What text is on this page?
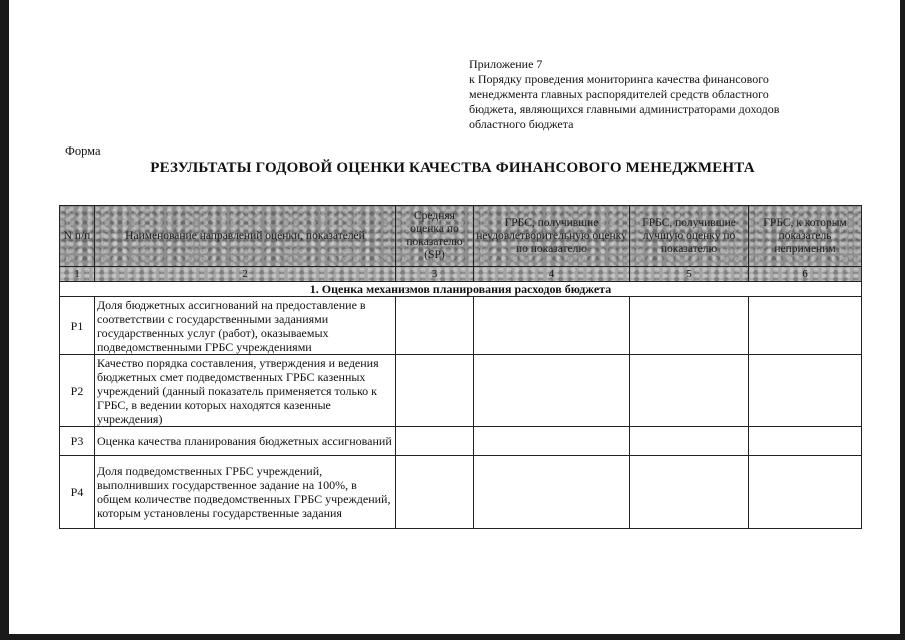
Приложение 7
к Порядку проведения мониторинга качества финансового
менеджмента главных распорядителей средств областного
бюджета, являющихся главными администраторами доходов
областного бюджета
Форма
РЕЗУЛЬТАТЫ ГОДОВОЙ ОЦЕНКИ КАЧЕСТВА ФИНАНСОВОГО МЕНЕДЖМЕНТА
N п/п	Наименование направлений оценки, показателей	Средняя оценка по показателю (SP)	ГРБС, получившие неудовлетворительную оценку по показателю	ГРБС, получившие лучшую оценку по показателю	ГРБС, к которым показатель неприменим
1	2	3	4	5	6
1. Оценка механизмов планирования расходов бюджета					
P1	Доля бюджетных ассигнований на предоставление в соответствии с государственными заданиями государственных услуг (работ), оказываемых подведомственными ГРБС учреждениями				
P2	Качество порядка составления, утверждения и ведения бюджетных смет подведомственных ГРБС казенных учреждений (данный показатель применяется только к ГРБС, в ведении которых находятся казенные учреждения)				
P3	Оценка качества планирования бюджетных ассигнований				
P4	Доля подведомственных ГРБС учреждений, выполнивших государственное задание на 100%, в общем количестве подведомственных ГРБС учреждений, которым установлены государственные задания				
